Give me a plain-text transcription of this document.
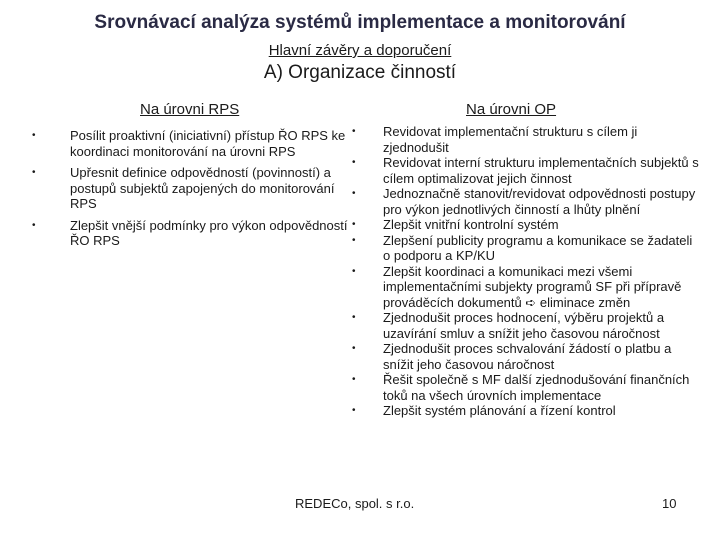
Srovnávací analýza systémů implementace a monitorování
Hlavní závěry a doporučení
A) Organizace činností
Na úrovni RPS	Na úrovni OP
•	Posílit proaktivní (iniciativní) přístup ŘO RPS ke koordinaci monitorování na úrovni RPS
•	Upřesnit definice odpovědností (povinností) a postupů subjektů zapojených do monitorování RPS
•	Zlepšit vnější podmínky pro výkon odpovědností ŘO RPS
• Revidovat implementační strukturu s cílem ji zjednodušit
• Revidovat interní strukturu implementačních subjektů s cílem optimalizovat jejich činnost
• Jednoznačně stanovit/revidovat odpovědnosti postupy pro výkon jednotlivých činností a lhůty plnění
• Zlepšit vnitřní kontrolní systém
• Zlepšení publicity programu a komunikace se žadateli o podporu a KP/KU
• Zlepšit koordinaci a komunikaci mezi všemi implementačními subjekty programů SF při přípravě prováděcích dokumentů ➪ eliminace změn
• Zjednodušit proces hodnocení, výběru projektů a uzavírání smluv a snížit jeho časovou náročnost
• Zjednodušit proces schvalování žádostí o platbu a snížit jeho časovou náročnost
• Řešit společně s MF další zjednodušování finančních toků na všech úrovních implementace
• Zlepšit systém plánování a řízení kontrol
REDECo, spol. s r.o.	10
